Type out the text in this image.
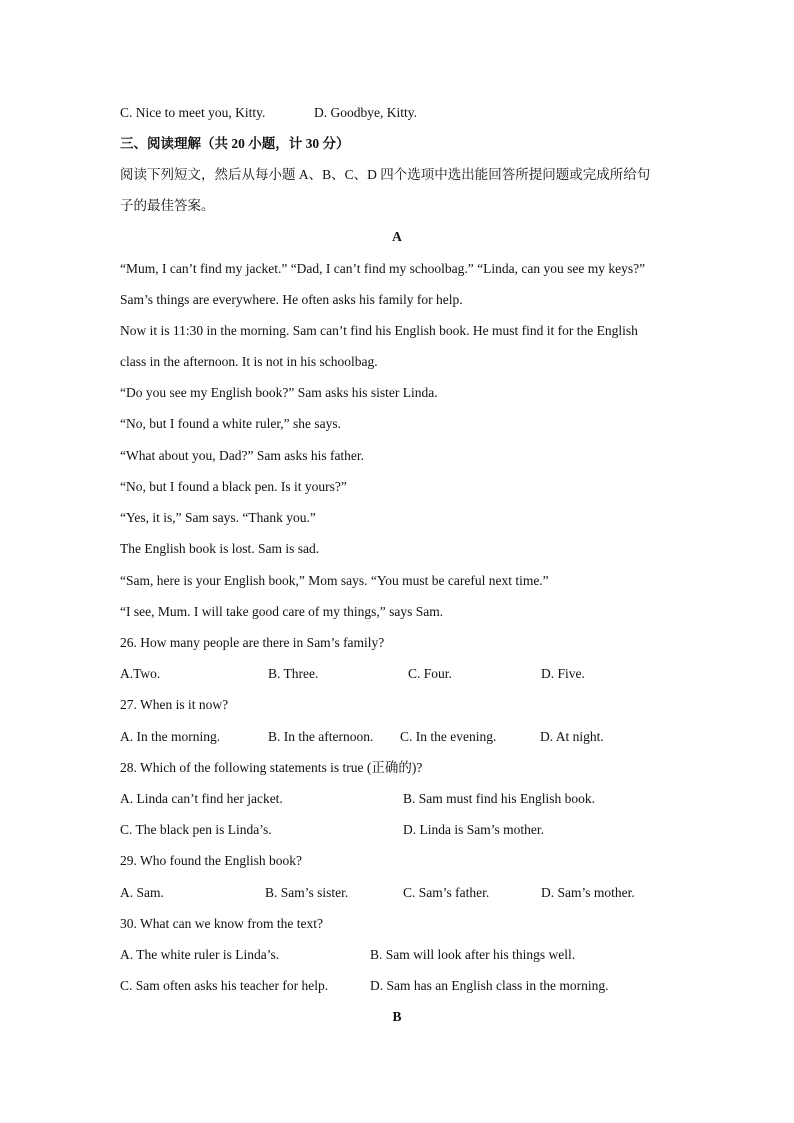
C. Nice to meet you, Kitty.	D. Goodbye, Kitty.
三、阅读理解（共 20 小题，计 30 分）
阅读下列短文，然后从每小题 A、B、C、D 四个选项中选出能回答所提问题或完成所给句
子的最佳答案。
A
“Mum, I can’t find my jacket.” “Dad, I can’t find my schoolbag.” “Linda, can you see my keys?”
Sam’s things are everywhere. He often asks his family for help.
Now it is 11:30 in the morning. Sam can’t find his English book. He must find it for the English
class in the afternoon. It is not in his schoolbag.
“Do you see my English book?” Sam asks his sister Linda.
“No, but I found a white ruler,” she says.
“What about you, Dad?” Sam asks his father.
“No, but I found a black pen. Is it yours?”
“Yes, it is,” Sam says. “Thank you.”
The English book is lost. Sam is sad.
“Sam, here is your English book,” Mom says. “You must be careful next time.”
“I see, Mum. I will take good care of my things,” says Sam.
26. How many people are there in Sam’s family?
A.Two.	B. Three.	C. Four.	D. Five.
27. When is it now?
A. In the morning.	B. In the afternoon. C. In the evening.	D. At night.
28. Which of the following statements is true (正确的)?
A. Linda can’t find her jacket.	B. Sam must find his English book.
C. The black pen is Linda’s.	D. Linda is Sam’s mother.
29. Who found the English book?
A. Sam.	B. Sam’s sister.	C. Sam’s father.	D. Sam’s mother.
30. What can we know from the text?
A. The white ruler is Linda’s.	B. Sam will look after his things well.
C. Sam often asks his teacher for help.	D. Sam has an English class in the morning.
B
